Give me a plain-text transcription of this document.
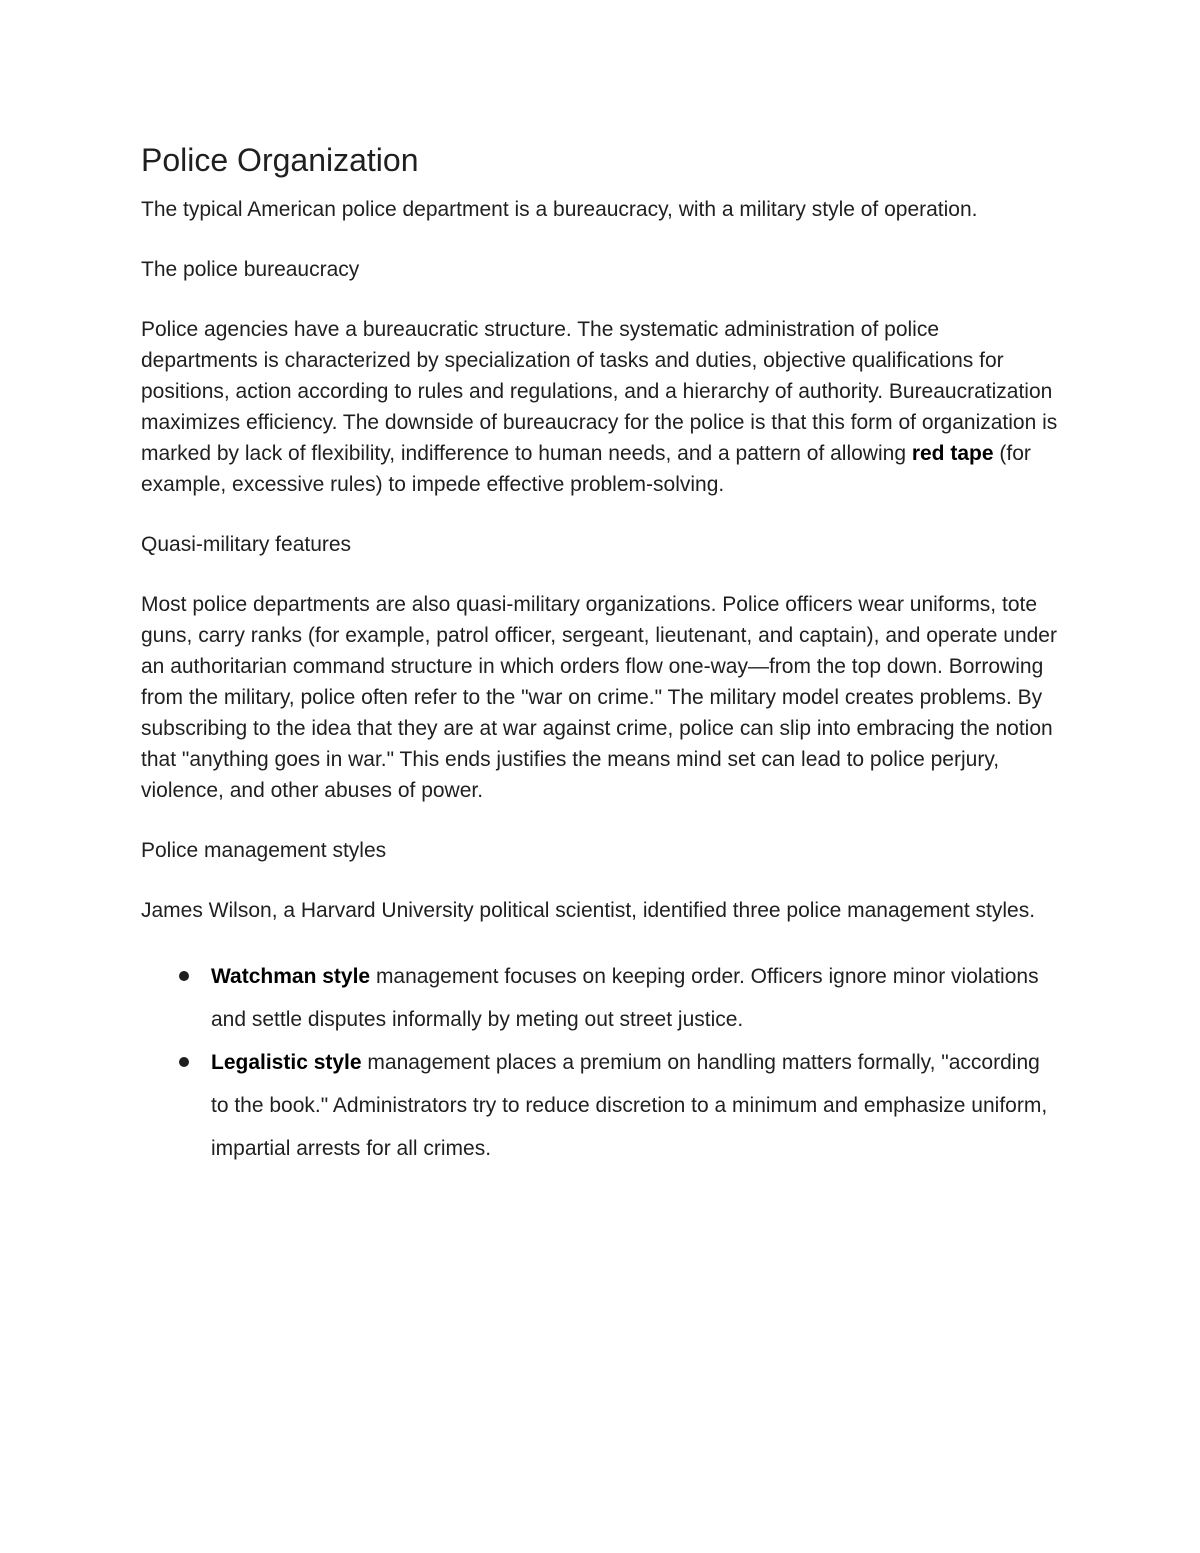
Police Organization

The typical American police department is a bureaucracy, with a military style of operation.

The police bureaucracy

Police agencies have a bureaucratic structure. The systematic administration of police departments is characterized by specialization of tasks and duties, objective qualifications for positions, action according to rules and regulations, and a hierarchy of authority. Bureaucratization maximizes efficiency. The downside of bureaucracy for the police is that this form of organization is marked by lack of flexibility, indifference to human needs, and a pattern of allowing red tape (for example, excessive rules) to impede effective problem-solving.

Quasi-military features

Most police departments are also quasi-military organizations. Police officers wear uniforms, tote guns, carry ranks (for example, patrol officer, sergeant, lieutenant, and captain), and operate under an authoritarian command structure in which orders flow one-way—from the top down. Borrowing from the military, police often refer to the "war on crime." The military model creates problems. By subscribing to the idea that they are at war against crime, police can slip into embracing the notion that "anything goes in war." This ends justifies the means mind set can lead to police perjury, violence, and other abuses of power.

Police management styles

James Wilson, a Harvard University political scientist, identified three police management styles.

Watchman style management focuses on keeping order. Officers ignore minor violations and settle disputes informally by meting out street justice.
Legalistic style management places a premium on handling matters formally, "according to the book." Administrators try to reduce discretion to a minimum and emphasize uniform, impartial arrests for all crimes.
